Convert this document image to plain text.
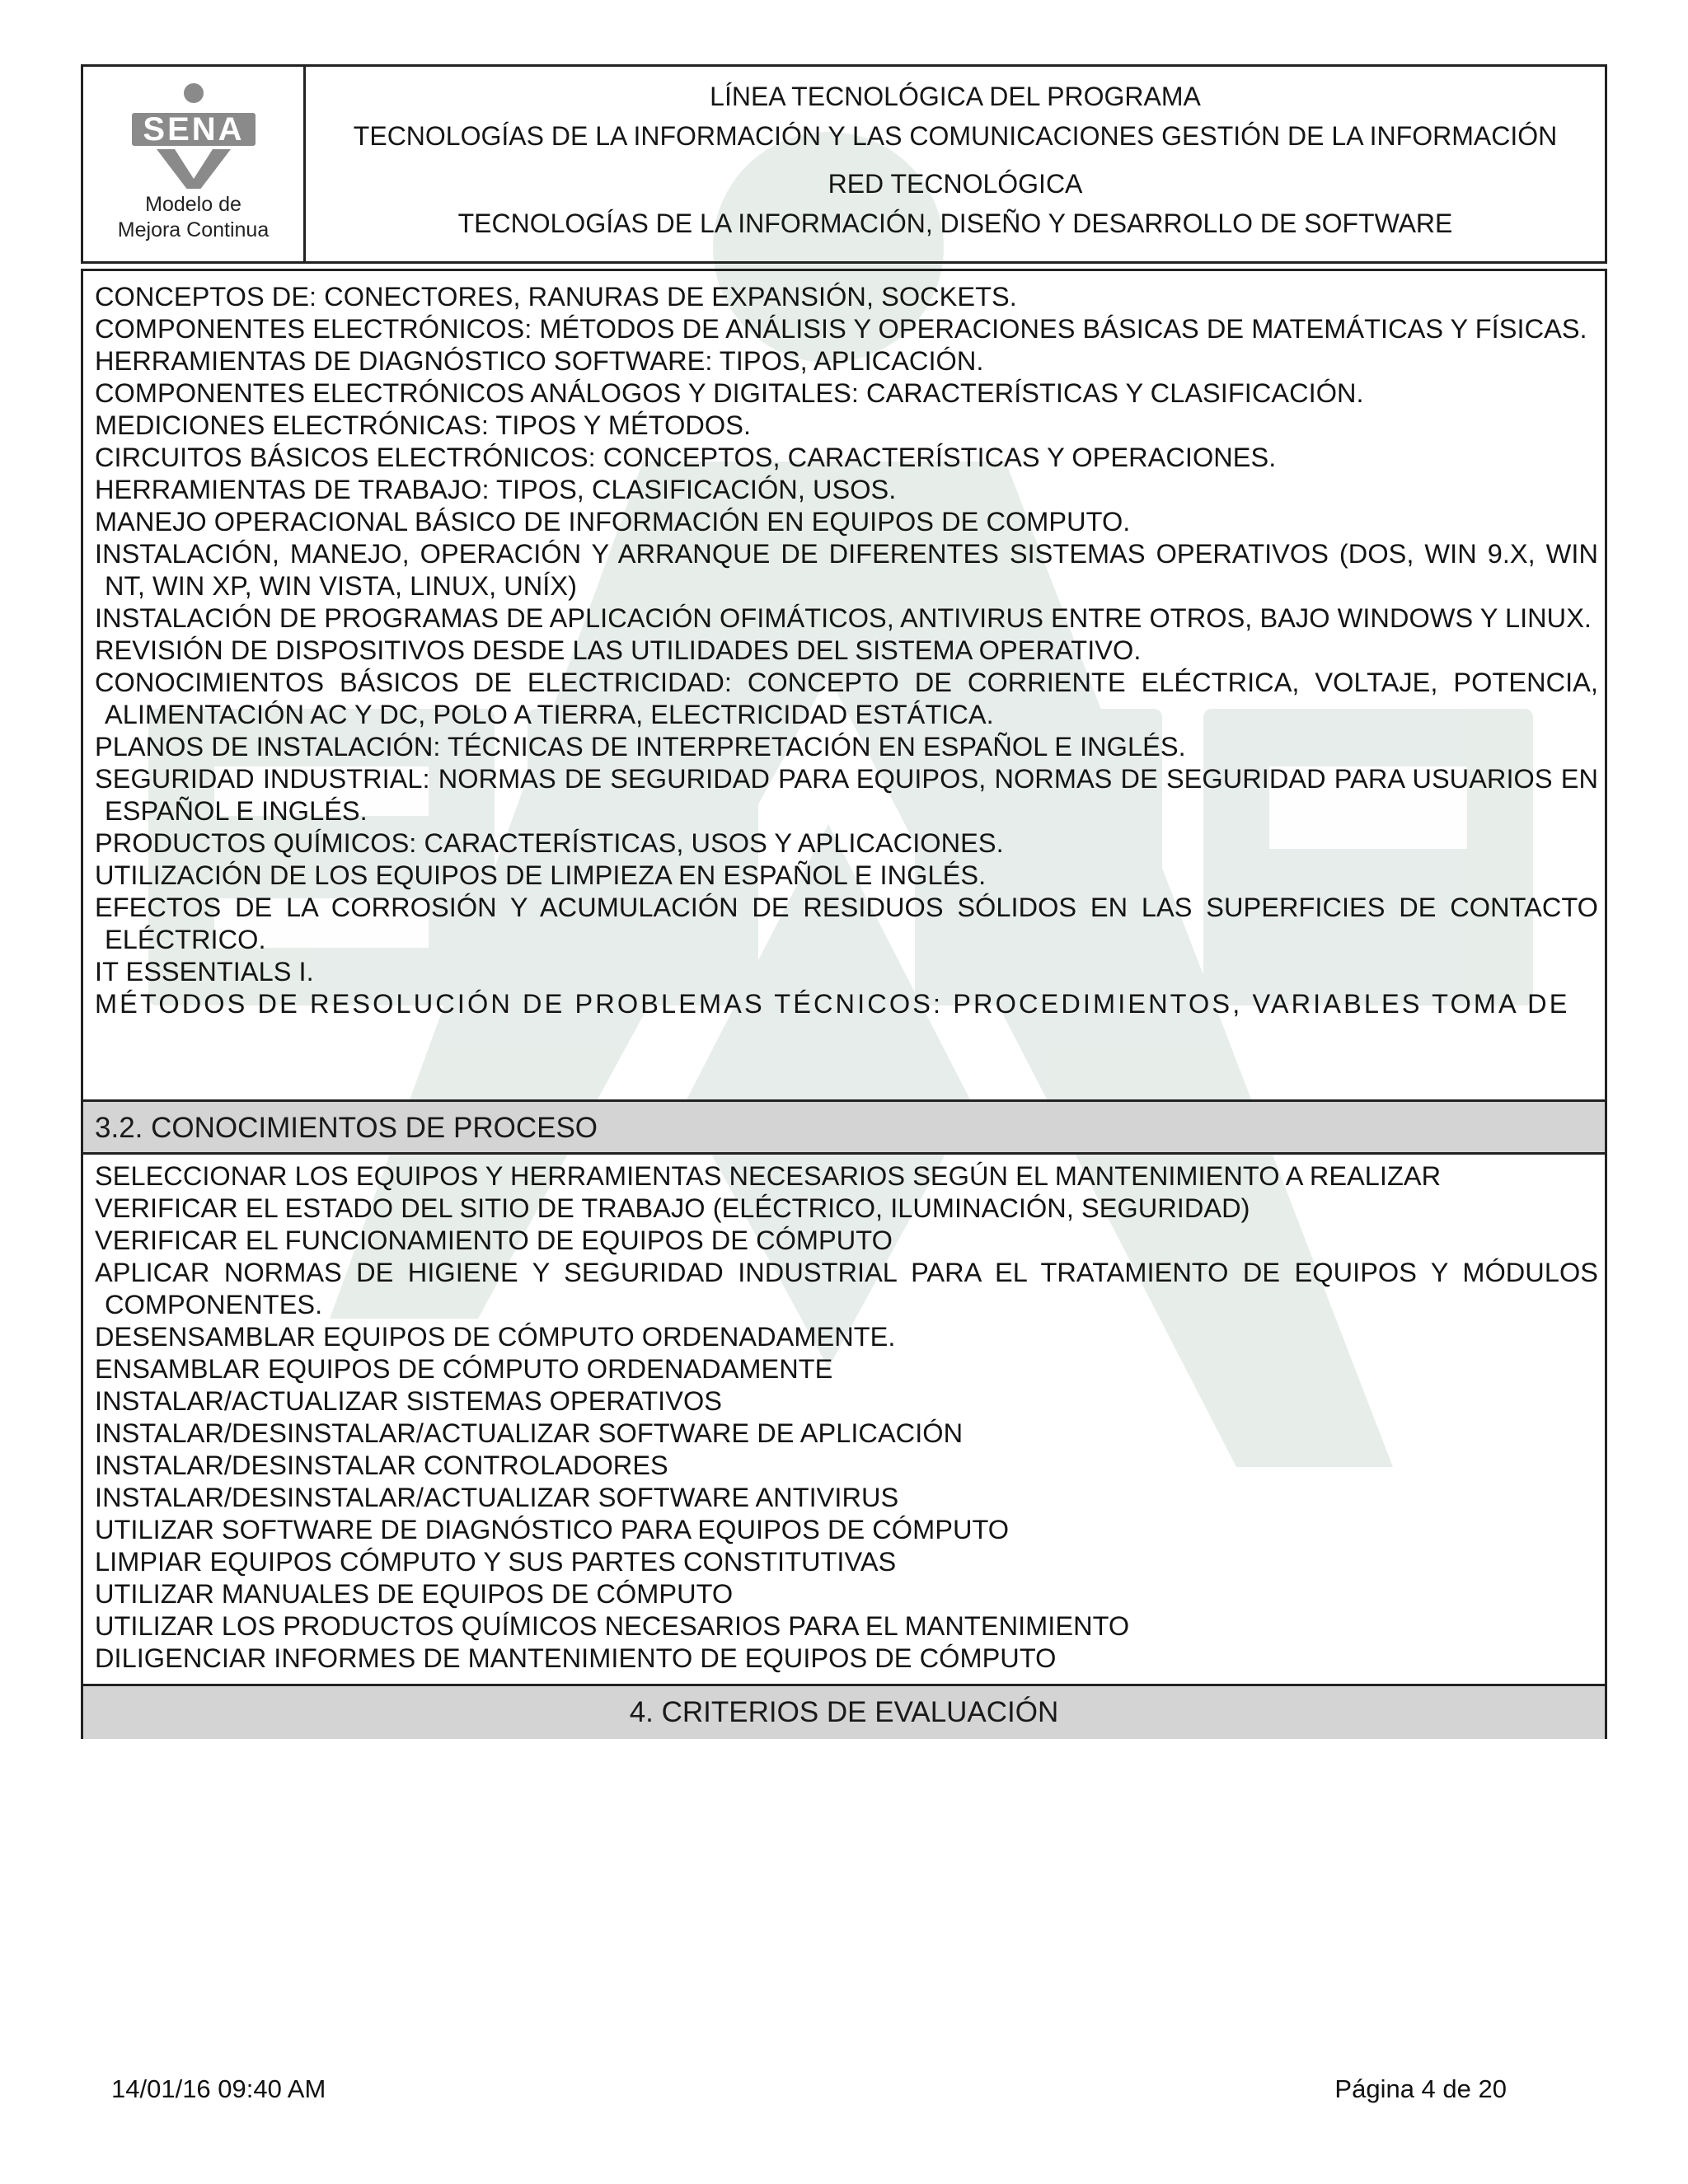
SENA
Modelo de
Mejora Continua
LÍNEA TECNOLÓGICA DEL PROGRAMA
TECNOLOGÍAS DE LA INFORMACIÓN Y LAS COMUNICACIONES GESTIÓN DE LA INFORMACIÓN
RED TECNOLÓGICA
TECNOLOGÍAS DE LA INFORMACIÓN, DISEÑO Y DESARROLLO DE SOFTWARE

CONCEPTOS DE: CONECTORES, RANURAS DE EXPANSIÓN, SOCKETS.

COMPONENTES ELECTRÓNICOS: MÉTODOS DE ANÁLISIS Y OPERACIONES BÁSICAS DE MATEMÁTICAS Y FÍSICAS.

HERRAMIENTAS DE DIAGNÓSTICO SOFTWARE: TIPOS, APLICACIÓN.

COMPONENTES ELECTRÓNICOS ANÁLOGOS Y DIGITALES: CARACTERÍSTICAS Y CLASIFICACIÓN.

MEDICIONES ELECTRÓNICAS: TIPOS Y MÉTODOS.

CIRCUITOS BÁSICOS ELECTRÓNICOS: CONCEPTOS, CARACTERÍSTICAS Y OPERACIONES.

HERRAMIENTAS DE TRABAJO: TIPOS, CLASIFICACIÓN, USOS.

MANEJO OPERACIONAL BÁSICO DE INFORMACIÓN EN EQUIPOS DE COMPUTO.

INSTALACIÓN, MANEJO, OPERACIÓN Y ARRANQUE DE DIFERENTES SISTEMAS OPERATIVOS (DOS, WIN 9.X, WIN NT, WIN XP, WIN VISTA, LINUX, UNÍX)

INSTALACIÓN DE PROGRAMAS DE APLICACIÓN OFIMÁTICOS, ANTIVIRUS ENTRE OTROS, BAJO WINDOWS Y LINUX.

REVISIÓN DE DISPOSITIVOS DESDE LAS UTILIDADES DEL SISTEMA OPERATIVO.

CONOCIMIENTOS BÁSICOS DE ELECTRICIDAD: CONCEPTO DE CORRIENTE ELÉCTRICA, VOLTAJE, POTENCIA, ALIMENTACIÓN AC Y DC, POLO A TIERRA, ELECTRICIDAD ESTÁTICA.

PLANOS DE INSTALACIÓN: TÉCNICAS DE INTERPRETACIÓN EN ESPAÑOL E INGLÉS.

SEGURIDAD INDUSTRIAL: NORMAS DE SEGURIDAD PARA EQUIPOS, NORMAS DE SEGURIDAD PARA USUARIOS EN ESPAÑOL E INGLÉS.

PRODUCTOS QUÍMICOS: CARACTERÍSTICAS, USOS Y APLICACIONES.

UTILIZACIÓN DE LOS EQUIPOS DE LIMPIEZA EN ESPAÑOL E INGLÉS.

EFECTOS DE LA CORROSIÓN Y ACUMULACIÓN DE RESIDUOS SÓLIDOS EN LAS SUPERFICIES DE CONTACTO ELÉCTRICO.

IT ESSENTIALS I.

MÉTODOS DE RESOLUCIÓN DE PROBLEMAS TÉCNICOS: PROCEDIMIENTOS, VARIABLES TOMA DE

3.2. CONOCIMIENTOS DE PROCESO

SELECCIONAR LOS EQUIPOS Y HERRAMIENTAS NECESARIOS SEGÚN EL MANTENIMIENTO A REALIZAR

VERIFICAR EL ESTADO DEL SITIO DE TRABAJO (ELÉCTRICO, ILUMINACIÓN, SEGURIDAD)

VERIFICAR EL FUNCIONAMIENTO DE EQUIPOS DE CÓMPUTO

APLICAR NORMAS DE HIGIENE Y SEGURIDAD INDUSTRIAL PARA EL TRATAMIENTO DE EQUIPOS Y MÓDULOS COMPONENTES.

DESENSAMBLAR EQUIPOS DE CÓMPUTO ORDENADAMENTE.

ENSAMBLAR EQUIPOS DE CÓMPUTO ORDENADAMENTE

INSTALAR/ACTUALIZAR SISTEMAS OPERATIVOS

INSTALAR/DESINSTALAR/ACTUALIZAR SOFTWARE DE APLICACIÓN

INSTALAR/DESINSTALAR CONTROLADORES

INSTALAR/DESINSTALAR/ACTUALIZAR SOFTWARE ANTIVIRUS

UTILIZAR SOFTWARE DE DIAGNÓSTICO PARA EQUIPOS DE CÓMPUTO

LIMPIAR EQUIPOS CÓMPUTO Y SUS PARTES CONSTITUTIVAS

UTILIZAR MANUALES DE EQUIPOS DE CÓMPUTO

UTILIZAR LOS PRODUCTOS QUÍMICOS NECESARIOS PARA EL MANTENIMIENTO

DILIGENCIAR INFORMES DE MANTENIMIENTO DE EQUIPOS DE CÓMPUTO

4. CRITERIOS DE EVALUACIÓN
14/01/16 09:40 AM	Página 4 de 20
